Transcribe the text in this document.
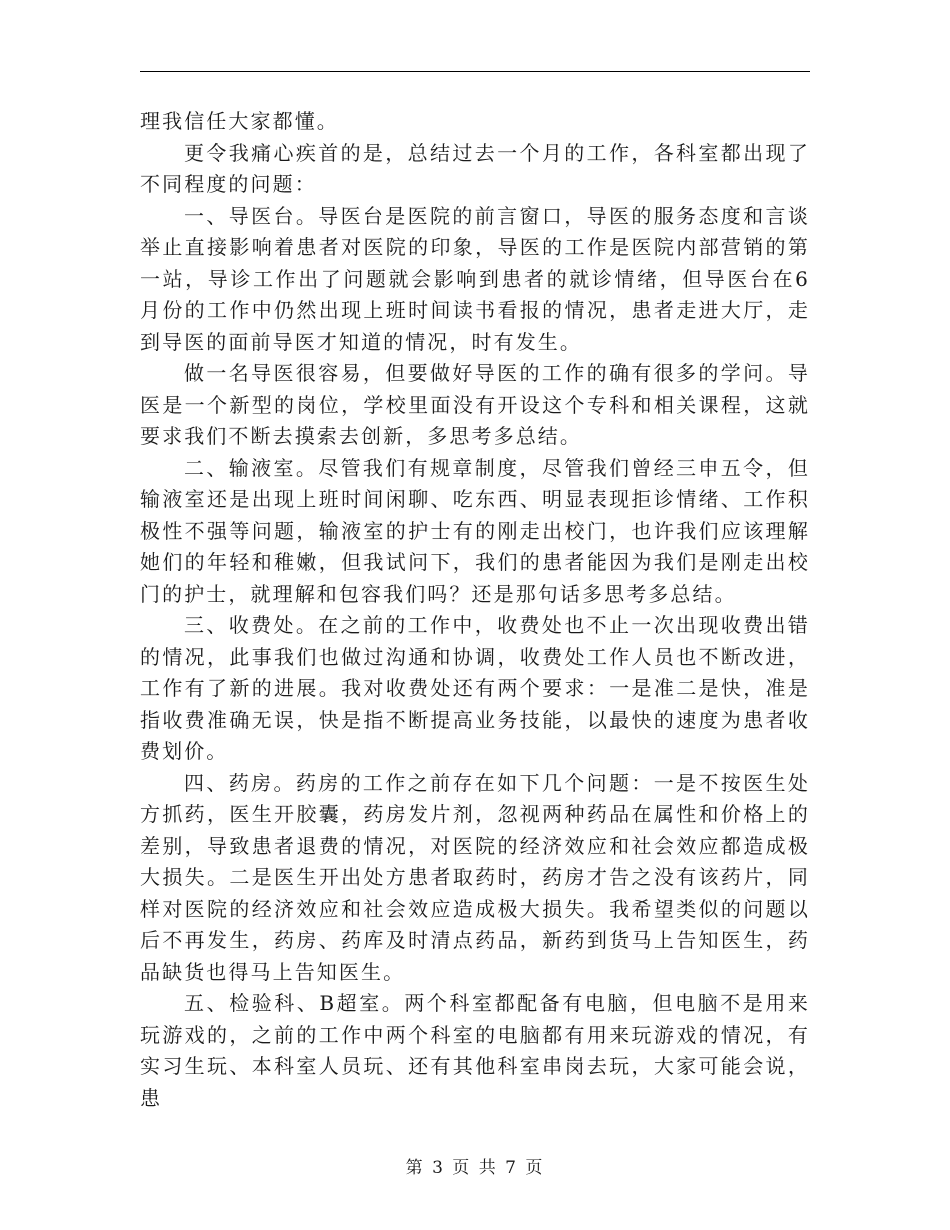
理我信任大家都懂。

更令我痛心疾首的是，总结过去一个月的工作，各科室都出现了不同程度的问题：

一、导医台。导医台是医院的前言窗口，导医的服务态度和言谈举止直接影响着患者对医院的印象，导医的工作是医院内部营销的第一站，导诊工作出了问题就会影响到患者的就诊情绪，但导医台在6月份的工作中仍然出现上班时间读书看报的情况，患者走进大厅，走到导医的面前导医才知道的情况，时有发生。

做一名导医很容易，但要做好导医的工作的确有很多的学问。导医是一个新型的岗位，学校里面没有开设这个专科和相关课程，这就要求我们不断去摸索去创新，多思考多总结。

二、输液室。尽管我们有规章制度，尽管我们曾经三申五令，但输液室还是出现上班时间闲聊、吃东西、明显表现拒诊情绪、工作积极性不强等问题，输液室的护士有的刚走出校门，也许我们应该理解她们的年轻和稚嫩，但我试问下，我们的患者能因为我们是刚走出校门的护士，就理解和包容我们吗？还是那句话多思考多总结。

三、收费处。在之前的工作中，收费处也不止一次出现收费出错的情况，此事我们也做过沟通和协调，收费处工作人员也不断改进，工作有了新的进展。我对收费处还有两个要求：一是准二是快，准是指收费准确无误，快是指不断提高业务技能，以最快的速度为患者收费划价。

四、药房。药房的工作之前存在如下几个问题：一是不按医生处方抓药，医生开胶囊，药房发片剂，忽视两种药品在属性和价格上的差别，导致患者退费的情况，对医院的经济效应和社会效应都造成极大损失。二是医生开出处方患者取药时，药房才告之没有该药片，同样对医院的经济效应和社会效应造成极大损失。我希望类似的问题以后不再发生，药房、药库及时清点药品，新药到货马上告知医生，药品缺货也得马上告知医生。

五、检验科、B超室。两个科室都配备有电脑，但电脑不是用来玩游戏的，之前的工作中两个科室的电脑都有用来玩游戏的情况，有实习生玩、本科室人员玩、还有其他科室串岗去玩，大家可能会说，患

第 3 页 共 7 页
